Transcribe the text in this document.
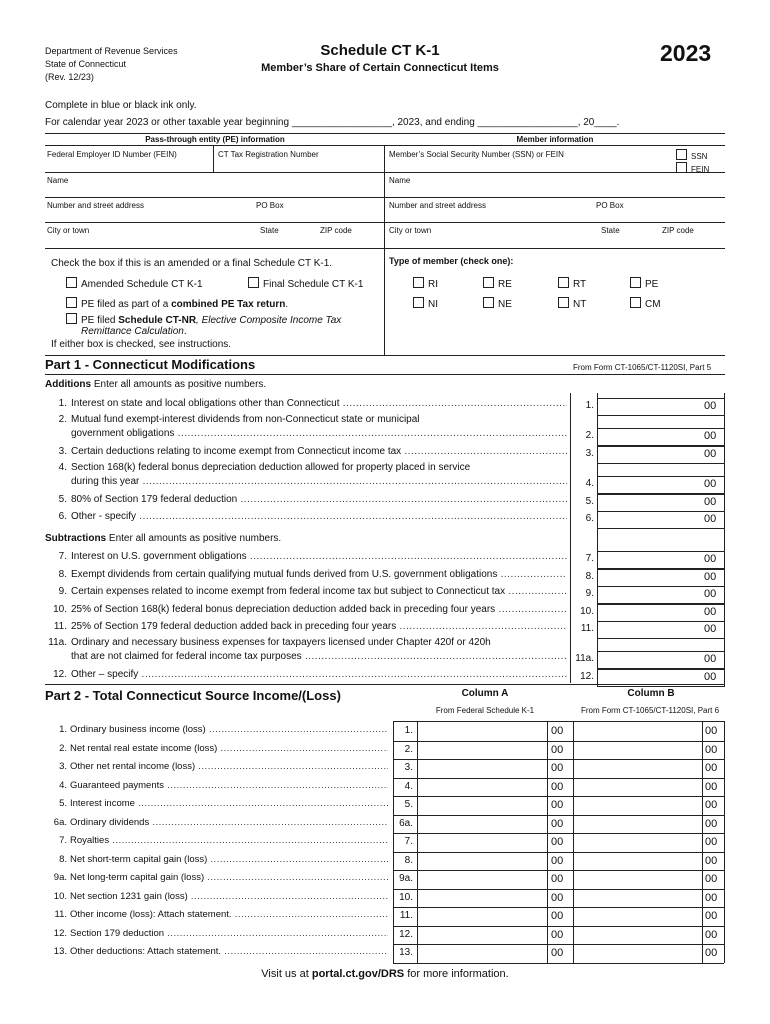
Department of Revenue Services
State of Connecticut
(Rev. 12/23)
Schedule CT K-1
Member’s Share of Certain Connecticut Items
2023
Complete in blue or black ink only.
For calendar year 2023 or other taxable year beginning __________________, 2023, and ending __________________, 20____.
Pass-through entity (PE) information	Member information
Federal Employer ID Number (FEIN)	CT Tax Registration Number	Member’s Social Security Number (SSN) or FEIN	SSN
FEIN
Name	Name
Number and street address	PO Box	Number and street address	PO Box
City or town	State	ZIP code	City or town	State	ZIP code
Check the box if this is an amended or a final Schedule CT K-1.
Amended Schedule CT K-1	Final Schedule CT K-1
PE filed as part of a combined PE Tax return.
PE filed Schedule CT-NR, Elective Composite Income Tax
Remittance Calculation.
If either box is checked, see instructions.
Type of member (check one):
RI	RE	RT	PE
NI	NE	NT	CM
Part 1 - Connecticut Modifications	From Form CT-1065/CT-1120SI, Part 5
Additions Enter all amounts as positive numbers.
1. Interest on state and local obligations other than Connecticut .....	1.	00
2. Mutual fund exempt-interest dividends from non-Connecticut state or municipal
government obligations .....	2.	00
3. Certain deductions relating to income exempt from Connecticut income tax .....	3.	00
4. Section 168(k) federal bonus depreciation deduction allowed for property placed in service
during this year .....	4.	00
5. 80% of Section 179 federal deduction .....	5.	00
6. Other - specify .....	6.	00
Subtractions Enter all amounts as positive numbers.
7. Interest on U.S. government obligations .....	7.	00
8. Exempt dividends from certain qualifying mutual funds derived from U.S. government obligations .....	8.	00
9. Certain expenses related to income exempt from federal income tax but subject to Connecticut tax .....	9.	00
10. 25% of Section 168(k) federal bonus depreciation deduction added back in preceding four years .....	10.	00
11. 25% of Section 179 federal deduction added back in preceding four years .....	11.	00
11a. Ordinary and necessary business expenses for taxpayers licensed under Chapter 420f or 420h
that are not claimed for federal income tax purposes .....	11a.	00
12. Other – specify .....	12.	00
Part 2 - Total Connecticut Source Income/(Loss)	Column A
From Federal Schedule K-1
Column B
From Form CT-1065/CT-1120SI, Part 6
1. Ordinary business income (loss) .....	1.	00	00
2. Net rental real estate income (loss) .....	2.	00	00
3. Other net rental income (loss) .....	3.	00	00
4. Guaranteed payments .....	4.	00	00
5. Interest income .....	5.	00	00
6a. Ordinary dividends .....	6a.	00	00
7. Royalties .....	7.	00	00
8. Net short-term capital gain (loss) .....	8.	00	00
9a. Net long-term capital gain (loss) .....	9a.	00	00
10. Net section 1231 gain (loss) .....	10.	00	00
11. Other income (loss): Attach statement. .....	11.	00	00
12. Section 179 deduction .....	12.	00	00
13. Other deductions: Attach statement. .....	13.	00	00
Visit us at portal.ct.gov/DRS for more information.
